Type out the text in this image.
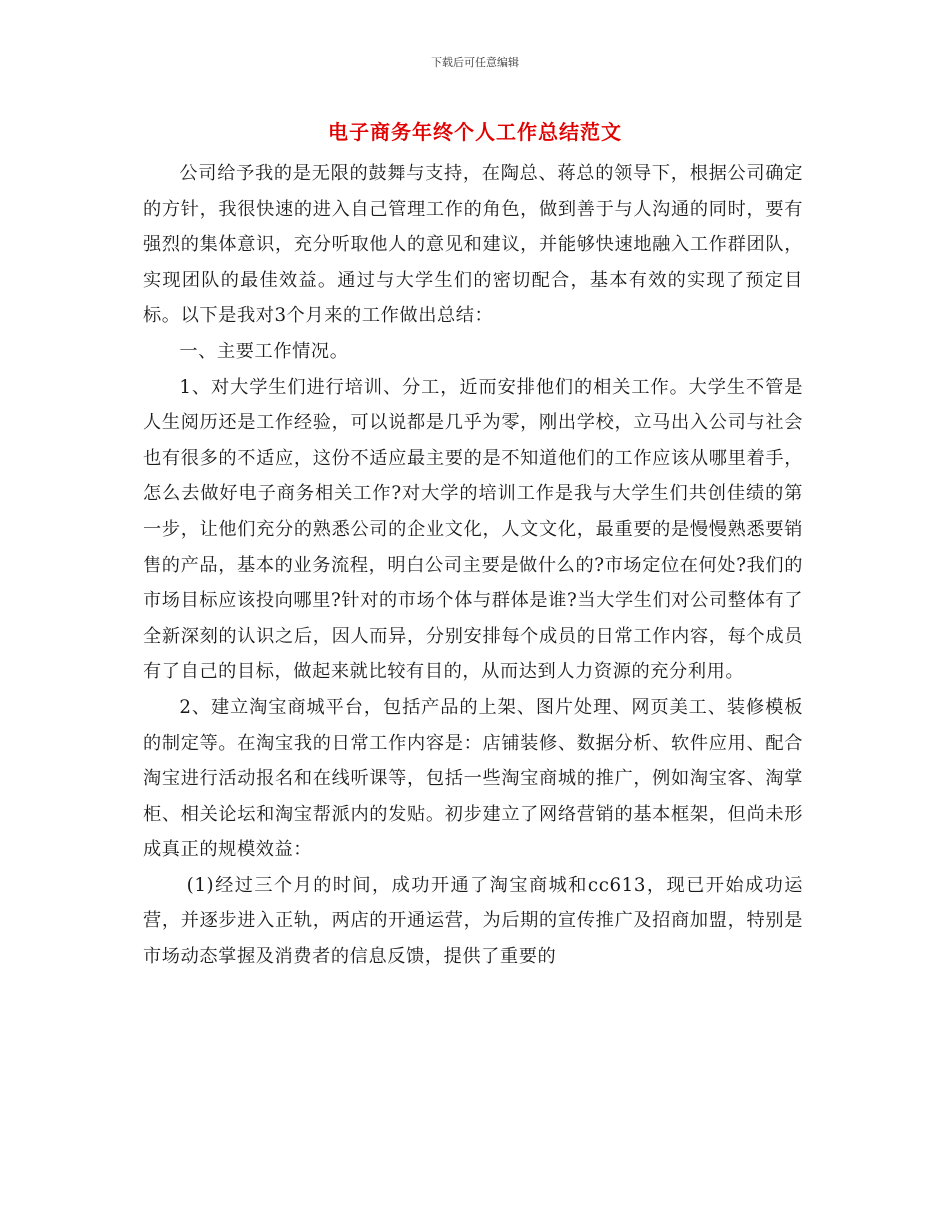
下载后可任意编辑
电子商务年终个人工作总结范文

公司给予我的是无限的鼓舞与支持，在陶总、蒋总的领导下，根据公司确定的方针，我很快速的进入自己管理工作的角色，做到善于与人沟通的同时，要有强烈的集体意识，充分听取他人的意见和建议，并能够快速地融入工作群团队，实现团队的最佳效益。通过与大学生们的密切配合，基本有效的实现了预定目标。以下是我对3个月来的工作做出总结：

一、主要工作情况。

1、对大学生们进行培训、分工，近而安排他们的相关工作。大学生不管是人生阅历还是工作经验，可以说都是几乎为零，刚出学校，立马出入公司与社会也有很多的不适应，这份不适应最主要的是不知道他们的工作应该从哪里着手，怎么去做好电子商务相关工作?对大学的培训工作是我与大学生们共创佳绩的第一步，让他们充分的熟悉公司的企业文化，人文文化，最重要的是慢慢熟悉要销售的产品，基本的业务流程，明白公司主要是做什么的?市场定位在何处?我们的市场目标应该投向哪里?针对的市场个体与群体是谁?当大学生们对公司整体有了全新深刻的认识之后，因人而异，分别安排每个成员的日常工作内容，每个成员有了自己的目标，做起来就比较有目的，从而达到人力资源的充分利用。

2、建立淘宝商城平台，包括产品的上架、图片处理、网页美工、装修模板的制定等。在淘宝我的日常工作内容是：店铺装修、数据分析、软件应用、配合淘宝进行活动报名和在线听课等，包括一些淘宝商城的推广，例如淘宝客、淘掌柜、相关论坛和淘宝帮派内的发贴。初步建立了网络营销的基本框架，但尚未形成真正的规模效益：

(1)经过三个月的时间，成功开通了淘宝商城和cc613，现已开始成功运营，并逐步进入正轨，两店的开通运营，为后期的宣传推广及招商加盟，特别是市场动态掌握及消费者的信息反馈，提供了重要的
